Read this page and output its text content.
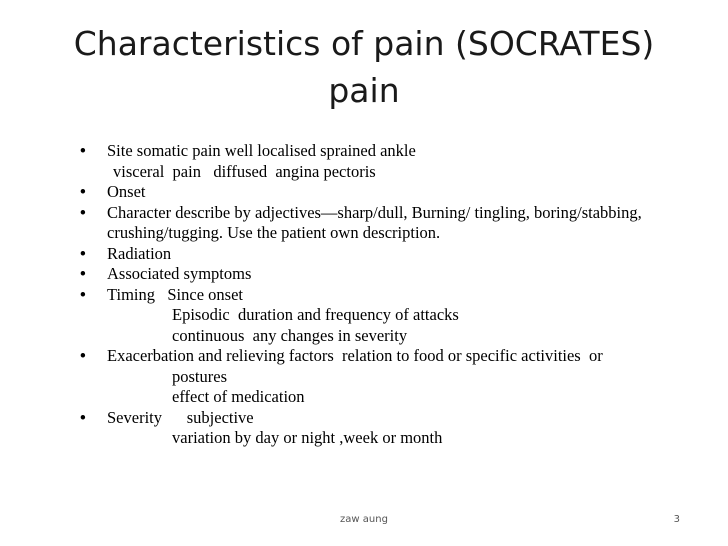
Characteristics of pain (SOCRATES)
pain
• Site somatic pain well localised sprained ankle
visceral  pain   diffused  angina pectoris
• Onset
• Character describe by adjectives—sharp/dull, Burning/ tingling, boring/stabbing,
crushing/tugging. Use the patient own description.
• Radiation
• Associated symptoms
• Timing   Since onset
Episodic  duration and frequency of attacks
continuous  any changes in severity
• Exacerbation and relieving factors  relation to food or specific activities  or
postures
effect of medication
• Severity      subjective
variation by day or night ,week or month
zaw aung	3
